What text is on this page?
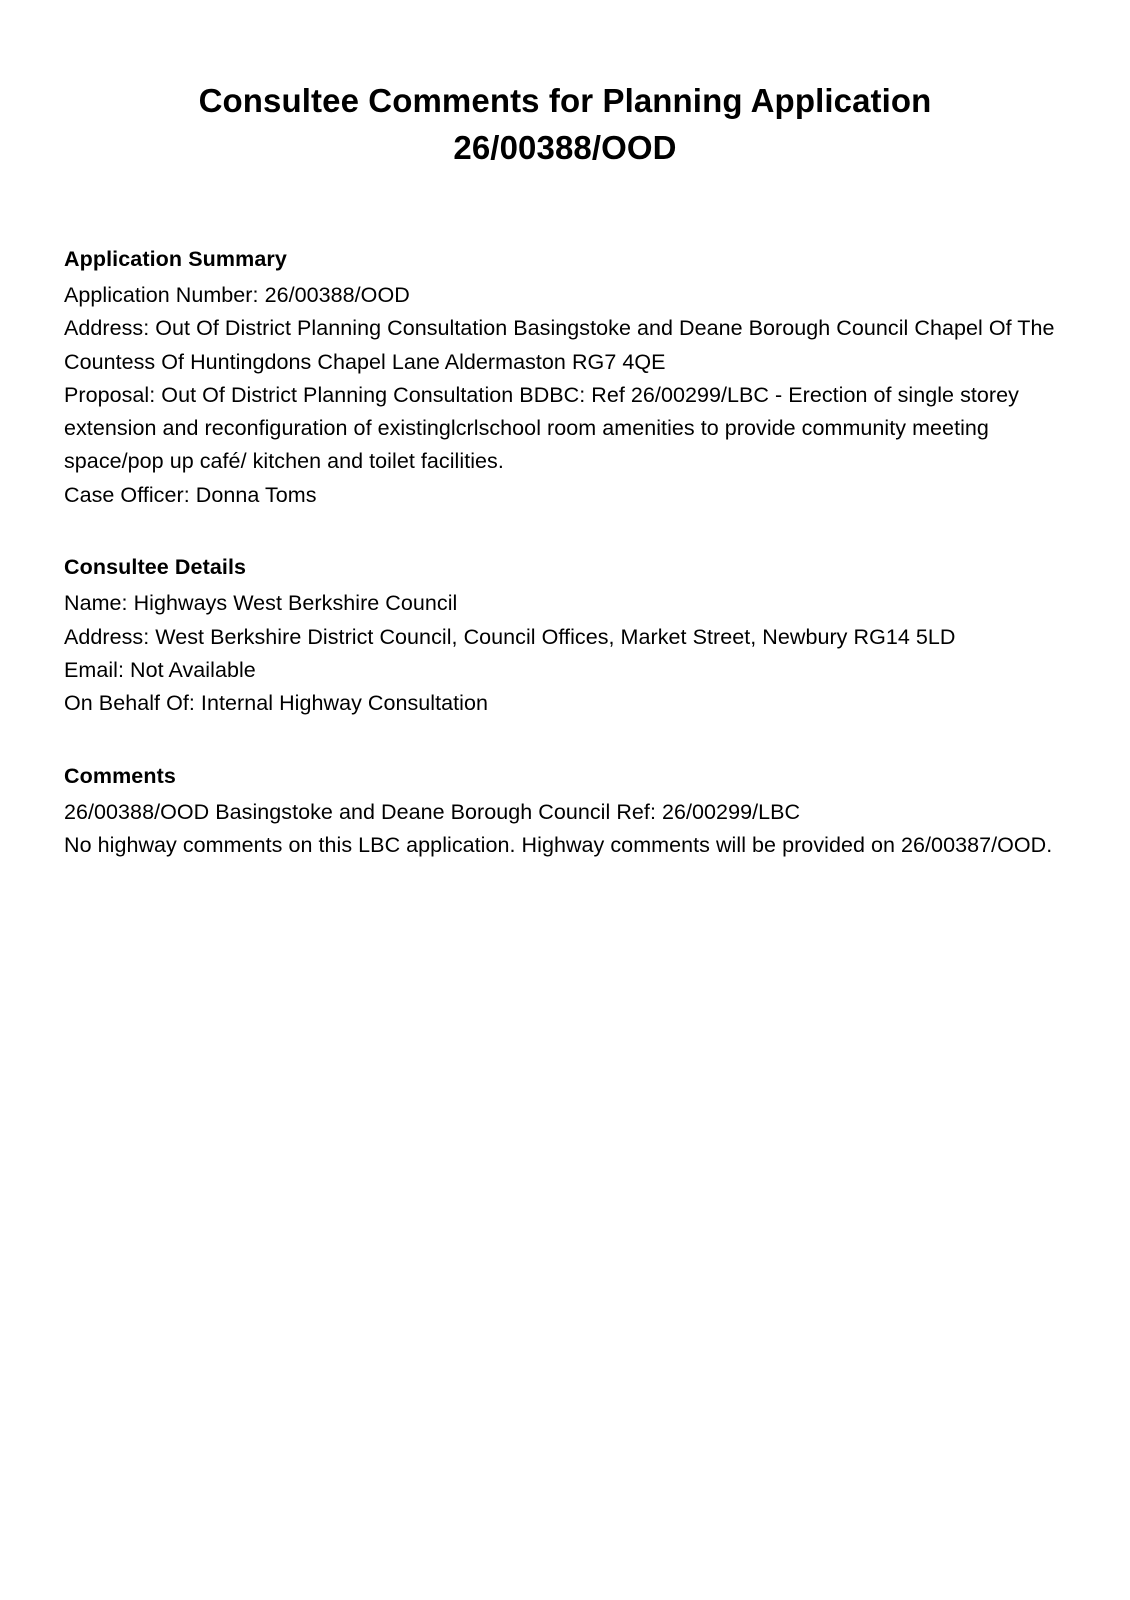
Consultee Comments for Planning Application 26/00388/OOD
Application Summary

Application Number: 26/00388/OOD

Address: Out Of District Planning Consultation Basingstoke and Deane Borough Council Chapel Of The Countess Of Huntingdons Chapel Lane Aldermaston RG7 4QE

Proposal: Out Of District Planning Consultation BDBC: Ref 26/00299/LBC - Erection of single storey extension and reconfiguration of existinglcrlschool room amenities to provide community meeting space/pop up café/ kitchen and toilet facilities.

Case Officer: Donna Toms

Consultee Details

Name: Highways West Berkshire Council

Address: West Berkshire District Council, Council Offices, Market Street, Newbury RG14 5LD

Email: Not Available

On Behalf Of: Internal Highway Consultation

Comments

26/00388/OOD Basingstoke and Deane Borough Council Ref: 26/00299/LBC

No highway comments on this LBC application. Highway comments will be provided on 26/00387/OOD.
